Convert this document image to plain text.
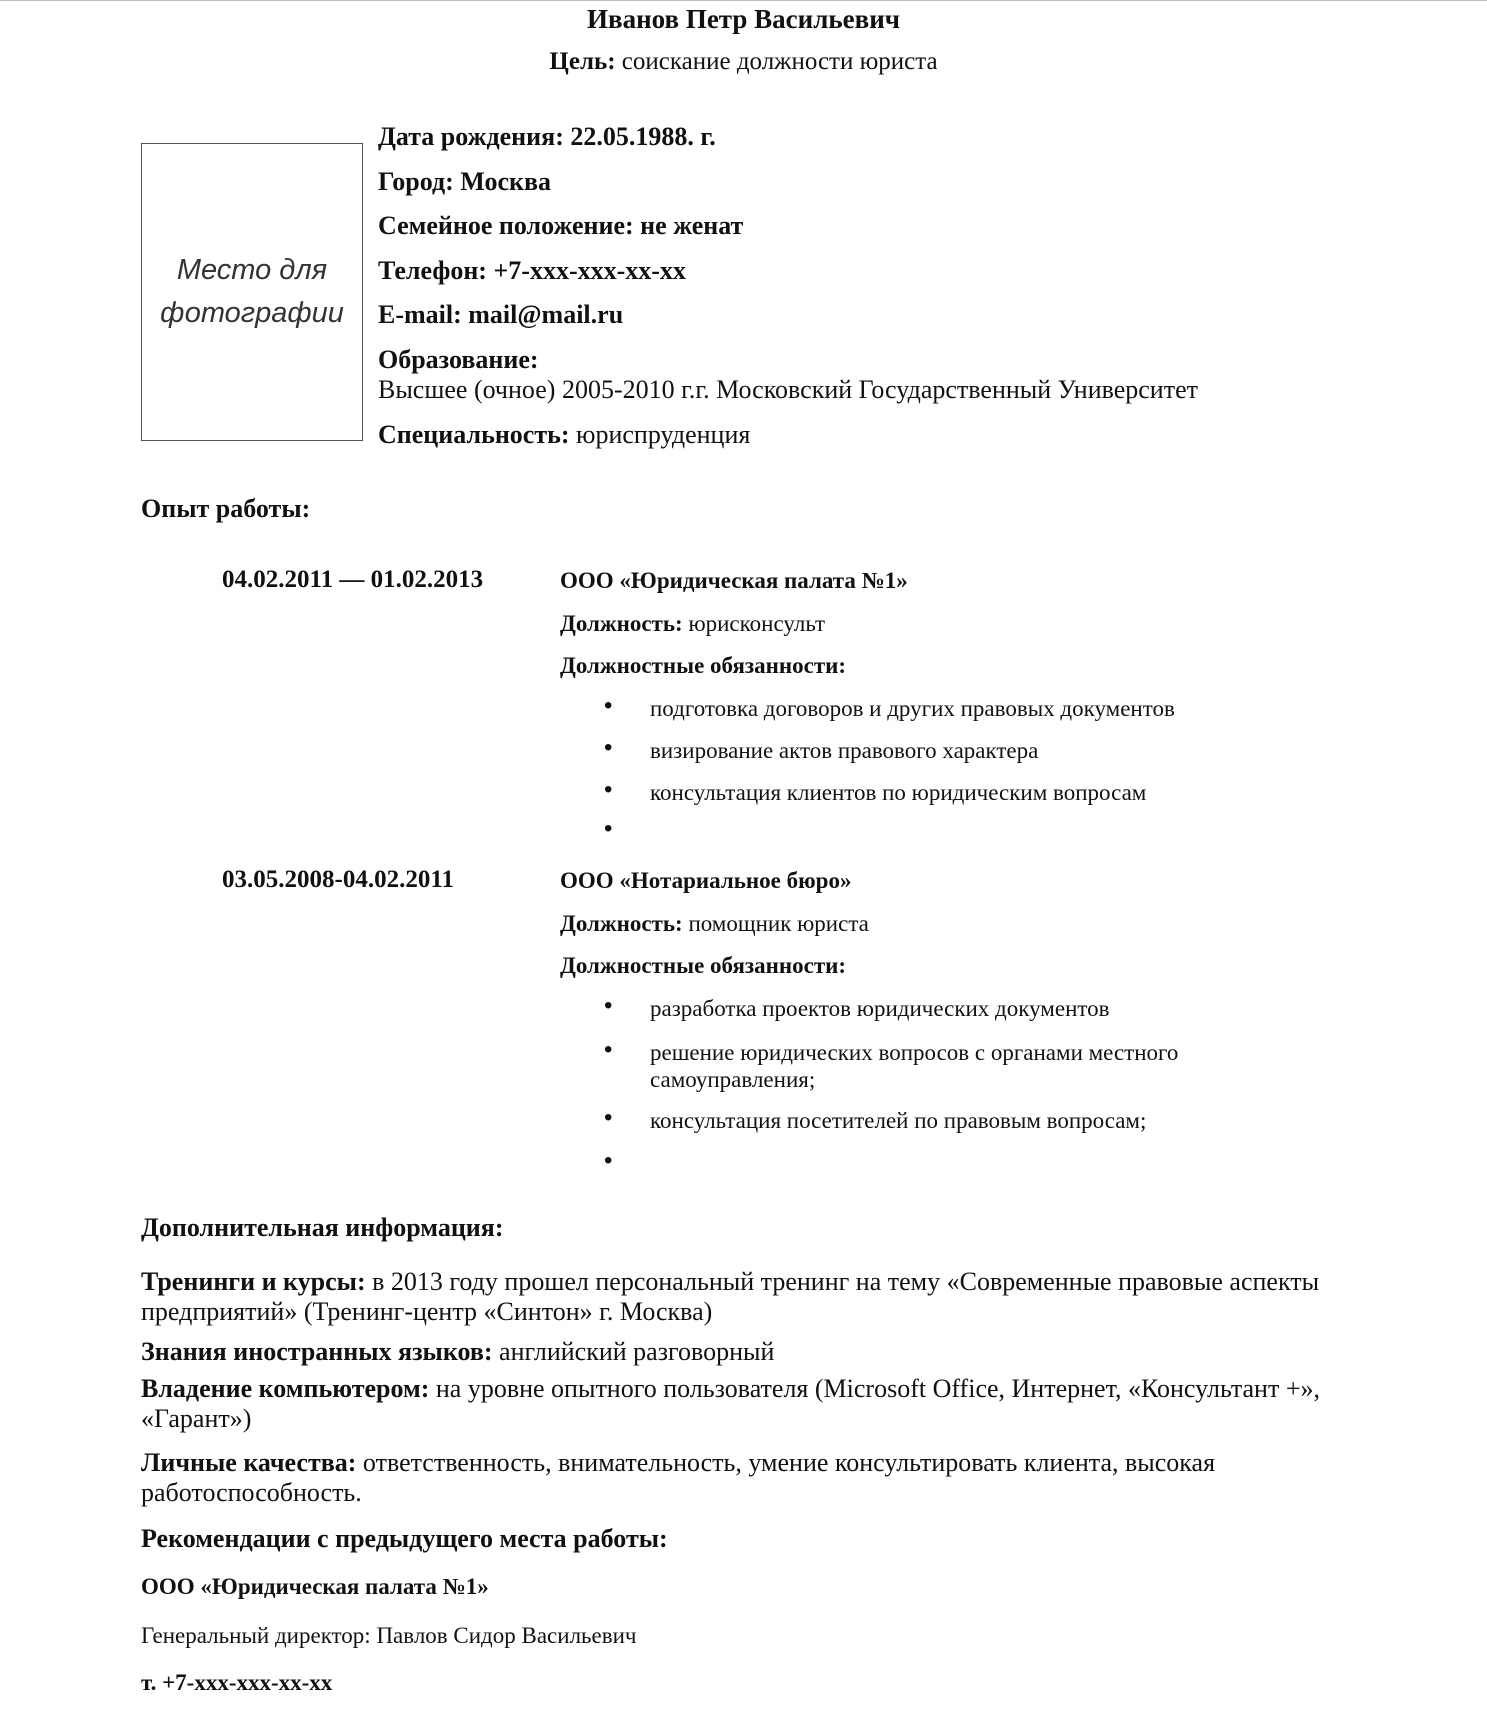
Иванов Петр Васильевич
Цель: соискание должности юриста
Место для
фотографии
Дата рождения: 22.05.1988. г.
Город: Москва
Семейное положение: не женат
Телефон: +7-xxx-xxx-xx-xx
E-mail: mail@mail.ru
Образование:
Высшее (очное) 2005-2010 г.г. Московский Государственный Университет
Специальность: юриспруденция
Опыт работы:
04.02.2011 — 01.02.2013	ООО «Юридическая палата №1»
Должность: юрисконсульт
Должностные обязанности:
• подготовка договоров и других правовых документов
• визирование актов правового характера
• консультация клиентов по юридическим вопросам
•
03.05.2008-04.02.2011	ООО «Нотариальное бюро»
Должность: помощник юриста
Должностные обязанности:
• разработка проектов юридических документов
• решение юридических вопросов с органами местного самоуправления;
• консультация посетителей по правовым вопросам;
•
Дополнительная информация:
Тренинги и курсы: в 2013 году прошел персональный тренинг на тему «Современные правовые аспекты предприятий» (Тренинг-центр «Синтон» г. Москва)
Знания иностранных языков: английский разговорный
Владение компьютером: на уровне опытного пользователя (Microsoft Office, Интернет, «Консультант +», «Гарант»)
Личные качества: ответственность, внимательность, умение консультировать клиента, высокая работоспособность.
Рекомендации с предыдущего места работы:
ООО «Юридическая палата №1»
Генеральный директор: Павлов Сидор Васильевич
т. +7-xxx-xxx-xx-xx
